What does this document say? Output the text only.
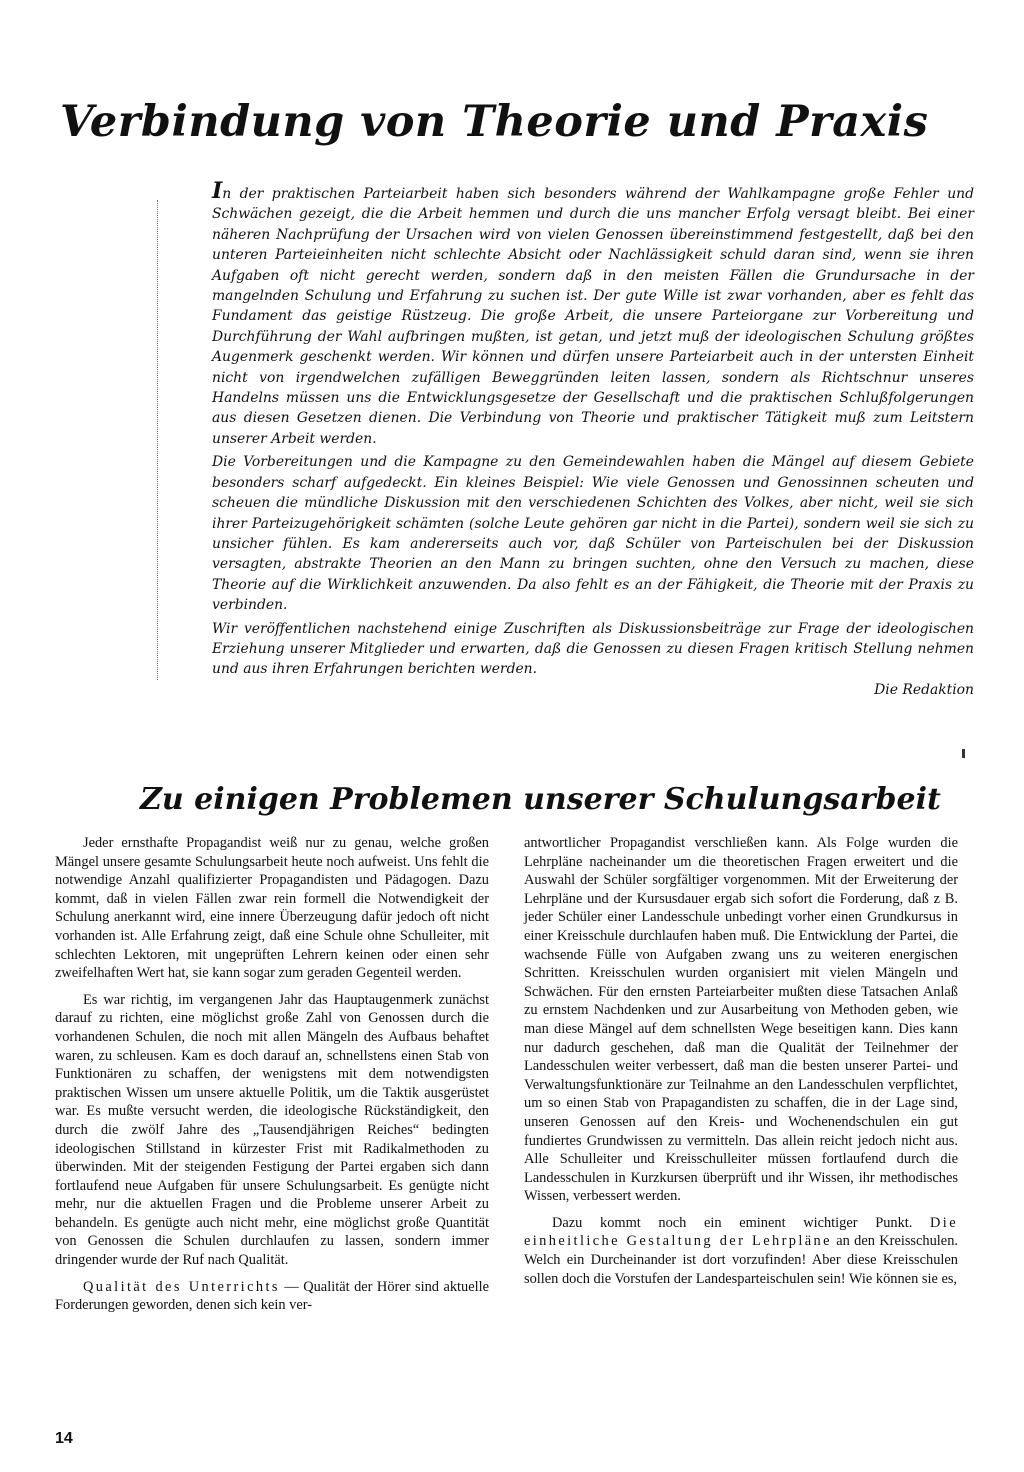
Verbindung von Theorie und Praxis

In der praktischen Parteiarbeit haben sich besonders während der Wahlkampagne große Fehler und Schwächen gezeigt, die die Arbeit hemmen und durch die uns mancher Erfolg versagt bleibt. Bei einer näheren Nachprüfung der Ursachen wird von vielen Genossen übereinstimmend festgestellt, daß bei den unteren Parteieinheiten nicht schlechte Absicht oder Nachlässigkeit schuld daran sind, wenn sie ihren Aufgaben oft nicht gerecht werden, sondern daß in den meisten Fällen die Grundursache in der mangelnden Schulung und Erfahrung zu suchen ist. Der gute Wille ist zwar vorhanden, aber es fehlt das Fundament das geistige Rüstzeug. Die große Arbeit, die unsere Parteiorgane zur Vorbereitung und Durchführung der Wahl aufbringen mußten, ist getan, und jetzt muß der ideologischen Schulung größtes Augenmerk geschenkt werden. Wir können und dürfen unsere Parteiarbeit auch in der untersten Einheit nicht von irgendwelchen zufälligen Beweggründen leiten lassen, sondern als Richtschnur unseres Handelns müssen uns die Entwicklungsgesetze der Gesellschaft und die praktischen Schlußfolgerungen aus diesen Gesetzen dienen. Die Verbindung von Theorie und praktischer Tätigkeit muß zum Leitstern unserer Arbeit werden.

Die Vorbereitungen und die Kampagne zu den Gemeindewahlen haben die Mängel auf diesem Gebiete besonders scharf aufgedeckt. Ein kleines Beispiel: Wie viele Genossen und Genossinnen scheuten und scheuen die mündliche Diskussion mit den verschiedenen Schichten des Volkes, aber nicht, weil sie sich ihrer Parteizugehörigkeit schämten (solche Leute gehören gar nicht in die Partei), sondern weil sie sich zu unsicher fühlen. Es kam andererseits auch vor, daß Schüler von Parteischulen bei der Diskussion versagten, abstrakte Theorien an den Mann zu bringen suchten, ohne den Versuch zu machen, diese Theorie auf die Wirklichkeit anzuwenden. Da also fehlt es an der Fähigkeit, die Theorie mit der Praxis zu verbinden.

Wir veröffentlichen nachstehend einige Zuschriften als Diskussionsbeiträge zur Frage der ideologischen Erziehung unserer Mitglieder und erwarten, daß die Genossen zu diesen Fragen kritisch Stellung nehmen und aus ihren Erfahrungen berichten werden.
Die Redaktion

Zu einigen Problemen unserer Schulungsarbeit

Jeder ernsthafte Propagandist weiß nur zu genau, welche großen Mängel unsere gesamte Schulungsarbeit heute noch aufweist. Uns fehlt die notwendige Anzahl qualifizierter Propagandisten und Pädagogen. Dazu kommt, daß in vielen Fällen zwar rein formell die Notwendigkeit der Schulung anerkannt wird, eine innere Überzeugung dafür jedoch oft nicht vorhanden ist. Alle Erfahrung zeigt, daß eine Schule ohne Schulleiter, mit schlechten Lektoren, mit ungeprüften Lehrern keinen oder einen sehr zweifelhaften Wert hat, sie kann sogar zum geraden Gegenteil werden.

Es war richtig, im vergangenen Jahr das Hauptaugenmerk zunächst darauf zu richten, eine möglichst große Zahl von Genossen durch die vorhandenen Schulen, die noch mit allen Mängeln des Aufbaus behaftet waren, zu schleusen. Kam es doch darauf an, schnellstens einen Stab von Funktionären zu schaffen, der wenigstens mit dem notwendigsten praktischen Wissen um unsere aktuelle Politik, um die Taktik ausgerüstet war. Es mußte versucht werden, die ideologische Rückständigkeit, den durch die zwölf Jahre des „Tausendjährigen Reiches“ bedingten ideologischen Stillstand in kürzester Frist mit Radikalmethoden zu überwinden. Mit der steigenden Festigung der Partei ergaben sich dann fortlaufend neue Aufgaben für unsere Schulungsarbeit. Es genügte nicht mehr, nur die aktuellen Fragen und die Probleme unserer Arbeit zu behandeln. Es genügte auch nicht mehr, eine möglichst große Quantität von Genossen die Schulen durchlaufen zu lassen, sondern immer dringender wurde der Ruf nach Qualität.

Qualität des Unterrichts — Qualität der Hörer sind aktuelle Forderungen geworden, denen sich kein ver-

antwortlicher Propagandist verschließen kann. Als Folge wurden die Lehrpläne nacheinander um die theoretischen Fragen erweitert und die Auswahl der Schüler sorgfältiger vorgenommen. Mit der Erweiterung der Lehrpläne und der Kursusdauer ergab sich sofort die Forderung, daß z B. jeder Schüler einer Landesschule unbedingt vorher einen Grundkursus in einer Kreisschule durchlaufen haben muß. Die Entwicklung der Partei, die wachsende Fülle von Aufgaben zwang uns zu weiteren energischen Schritten. Kreisschulen wurden organisiert mit vielen Mängeln und Schwächen. Für den ernsten Parteiarbeiter mußten diese Tatsachen Anlaß zu ernstem Nachdenken und zur Ausarbeitung von Methoden geben, wie man diese Mängel auf dem schnellsten Wege beseitigen kann. Dies kann nur dadurch geschehen, daß man die Qualität der Teilnehmer der Landesschulen weiter verbessert, daß man die besten unserer Partei- und Verwaltungsfunktionäre zur Teilnahme an den Landesschulen verpflichtet, um so einen Stab von Prapagandisten zu schaffen, die in der Lage sind, unseren Genossen auf den Kreis- und Wochenendschulen ein gut fundiertes Grundwissen zu vermitteln. Das allein reicht jedoch nicht aus. Alle Schulleiter und Kreisschulleiter müssen fortlaufend durch die Landesschulen in Kurzkursen überprüft und ihr Wissen, ihr methodisches Wissen, verbessert werden.

Dazu kommt noch ein eminent wichtiger Punkt. Die einheitliche Gestaltung der Lehrpläne an den Kreisschulen. Welch ein Durcheinander ist dort vorzufinden! Aber diese Kreisschulen sollen doch die Vorstufen der Landesparteischulen sein! Wie können sie es,

14
